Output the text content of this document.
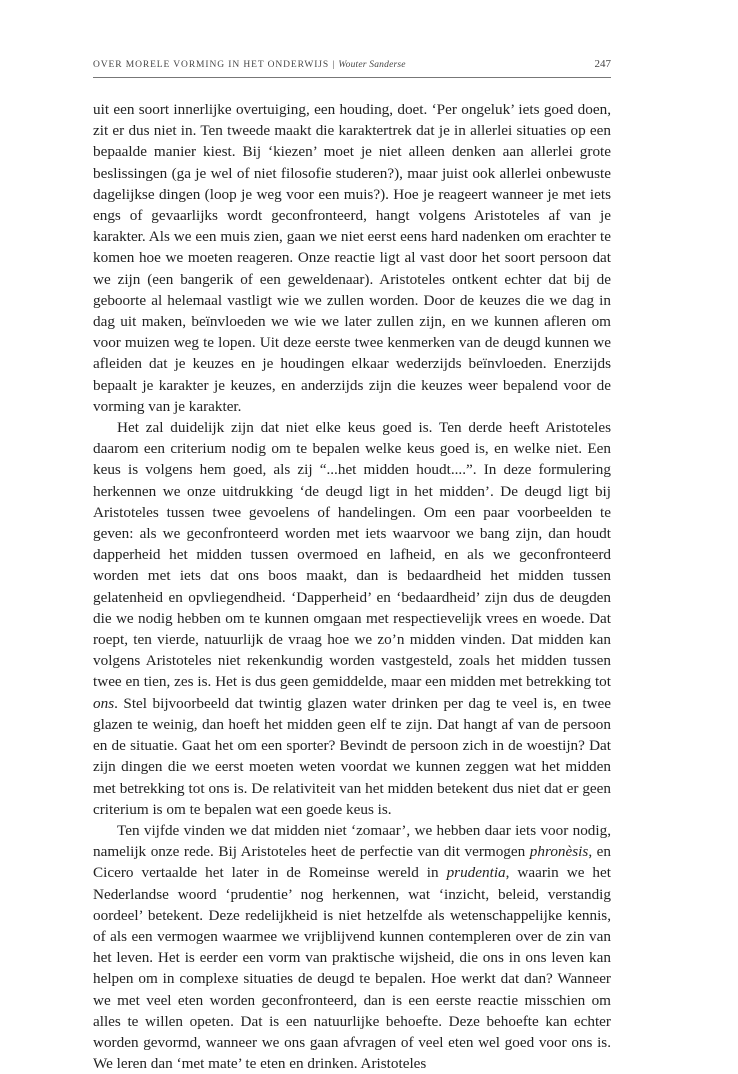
OVER MORELE VORMING IN HET ONDERWIJS | Wouter Sanderse	247

uit een soort innerlijke overtuiging, een houding, doet. ‘Per ongeluk’ iets goed doen, zit er dus niet in. Ten tweede maakt die karaktertrek dat je in allerlei situaties op een bepaalde manier kiest. Bij ‘kiezen’ moet je niet alleen denken aan allerlei grote beslissingen (ga je wel of niet filosofie studeren?), maar juist ook allerlei onbewuste dagelijkse dingen (loop je weg voor een muis?). Hoe je reageert wanneer je met iets engs of gevaarlijks wordt geconfronteerd, hangt volgens Aristoteles af van je karakter. Als we een muis zien, gaan we niet eerst eens hard nadenken om erachter te komen hoe we moeten reageren. Onze reactie ligt al vast door het soort persoon dat we zijn (een bangerik of een geweldenaar). Aristoteles ontkent echter dat bij de geboorte al helemaal vastligt wie we zullen worden. Door de keuzes die we dag in dag uit maken, beïnvloeden we wie we later zullen zijn, en we kunnen afleren om voor muizen weg te lopen. Uit deze eerste twee kenmerken van de deugd kunnen we afleiden dat je keuzes en je houdingen elkaar wederzijds beïnvloeden. Enerzijds bepaalt je karakter je keuzes, en anderzijds zijn die keuzes weer bepalend voor de vorming van je karakter.

Het zal duidelijk zijn dat niet elke keus goed is. Ten derde heeft Aristoteles daarom een criterium nodig om te bepalen welke keus goed is, en welke niet. Een keus is volgens hem goed, als zij “...het midden houdt....”. In deze formulering herkennen we onze uitdrukking ‘de deugd ligt in het midden’. De deugd ligt bij Aristoteles tussen twee gevoelens of handelingen. Om een paar voorbeelden te geven: als we geconfronteerd worden met iets waarvoor we bang zijn, dan houdt dapperheid het midden tussen overmoed en lafheid, en als we geconfronteerd worden met iets dat ons boos maakt, dan is bedaardheid het midden tussen gelatenheid en opvliegendheid. ‘Dapperheid’ en ‘bedaardheid’ zijn dus de deugden die we nodig hebben om te kunnen omgaan met respectievelijk vrees en woede. Dat roept, ten vierde, natuurlijk de vraag hoe we zo’n midden vinden. Dat midden kan volgens Aristoteles niet rekenkundig worden vastgesteld, zoals het midden tussen twee en tien, zes is. Het is dus geen gemiddelde, maar een midden met betrekking tot ons. Stel bijvoorbeeld dat twintig glazen water drinken per dag te veel is, en twee glazen te weinig, dan hoeft het midden geen elf te zijn. Dat hangt af van de persoon en de situatie. Gaat het om een sporter? Bevindt de persoon zich in de woestijn? Dat zijn dingen die we eerst moeten weten voordat we kunnen zeggen wat het midden met betrekking tot ons is. De relativiteit van het midden betekent dus niet dat er geen criterium is om te bepalen wat een goede keus is.

Ten vijfde vinden we dat midden niet ‘zomaar’, we hebben daar iets voor nodig, namelijk onze rede. Bij Aristoteles heet de perfectie van dit vermogen phronèsis, en Cicero vertaalde het later in de Romeinse wereld in prudentia, waarin we het Nederlandse woord ‘prudentie’ nog herkennen, wat ‘inzicht, beleid, verstandig oordeel’ betekent. Deze redelijkheid is niet hetzelfde als wetenschappelijke kennis, of als een vermogen waarmee we vrijblijvend kunnen contempleren over de zin van het leven. Het is eerder een vorm van praktische wijsheid, die ons in ons leven kan helpen om in complexe situaties de deugd te bepalen. Hoe werkt dat dan? Wanneer we met veel eten worden geconfronteerd, dan is een eerste reactie misschien om alles te willen opeten. Dat is een natuurlijke behoefte. Deze behoefte kan echter worden gevormd, wanneer we ons gaan afvragen of veel eten wel goed voor ons is. We leren dan ‘met mate’ te eten en drinken. Aristoteles
